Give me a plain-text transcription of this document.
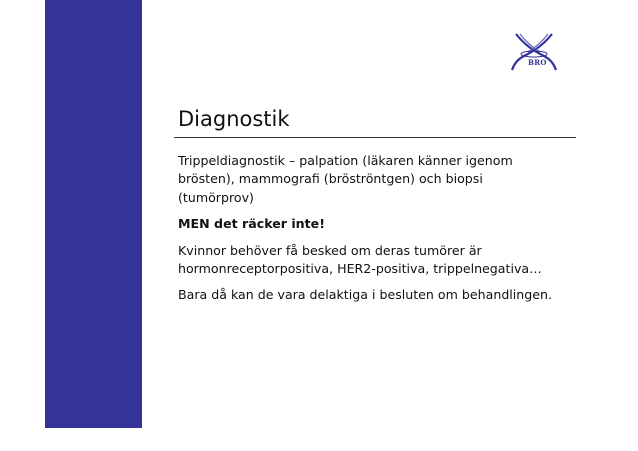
BRO
Diagnostik

Trippeldiagnostik – palpation (läkaren känner igenom brösten), mammografi (bröströntgen) och biopsi (tumörprov)

MEN det räcker inte!

Kvinnor behöver få besked om deras tumörer är hormonreceptorpositiva, HER2-positiva, trippelnegativa…

Bara då kan de vara delaktiga i besluten om behandlingen.
